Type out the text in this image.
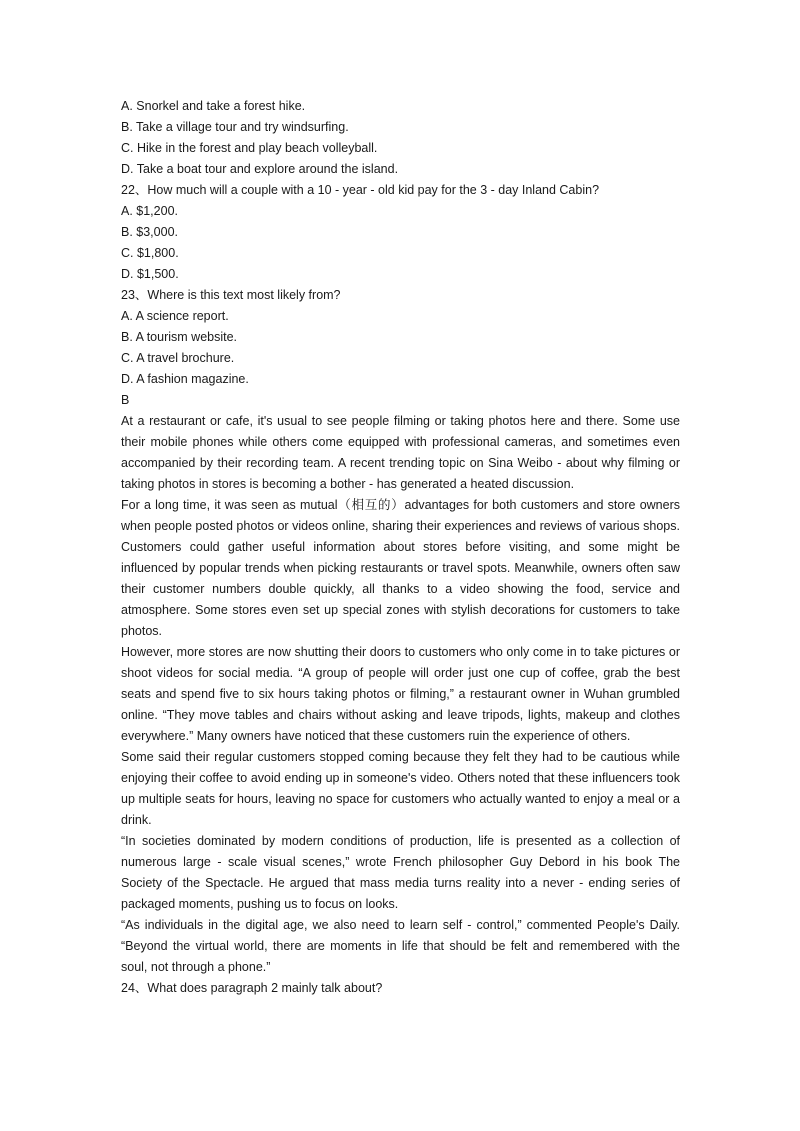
A. Snorkel and take a forest hike.

B. Take a village tour and try windsurfing.

C. Hike in the forest and play beach volleyball.

D. Take a boat tour and explore around the island.

22、How much will a couple with a 10 - year - old kid pay for the 3 - day Inland Cabin?

A. $1,200.

B. $3,000.

C. $1,800.

D. $1,500.

23、Where is this text most likely from?

A. A science report.

B. A tourism website.

C. A travel brochure.

D. A fashion magazine.

B

At a restaurant or cafe, it's usual to see people filming or taking photos here and there. Some use their mobile phones while others come equipped with professional cameras, and sometimes even accompanied by their recording team. A recent trending topic on Sina Weibo - about why filming or taking photos in stores is becoming a bother - has generated a heated discussion.

For a long time, it was seen as mutual（相互的）advantages for both customers and store owners when people posted photos or videos online, sharing their experiences and reviews of various shops. Customers could gather useful information about stores before visiting, and some might be influenced by popular trends when picking restaurants or travel spots. Meanwhile, owners often saw their customer numbers double quickly, all thanks to a video showing the food, service and atmosphere. Some stores even set up special zones with stylish decorations for customers to take photos.

However, more stores are now shutting their doors to customers who only come in to take pictures or shoot videos for social media. “A group of people will order just one cup of coffee, grab the best seats and spend five to six hours taking photos or filming,” a restaurant owner in Wuhan grumbled online. “They move tables and chairs without asking and leave tripods, lights, makeup and clothes everywhere.” Many owners have noticed that these customers ruin the experience of others.

Some said their regular customers stopped coming because they felt they had to be cautious while enjoying their coffee to avoid ending up in someone's video. Others noted that these influencers took up multiple seats for hours, leaving no space for customers who actually wanted to enjoy a meal or a drink.

“In societies dominated by modern conditions of production, life is presented as a collection of numerous large - scale visual scenes,” wrote French philosopher Guy Debord in his book The Society of the Spectacle. He argued that mass media turns reality into a never - ending series of packaged moments, pushing us to focus on looks.

“As individuals in the digital age, we also need to learn self - control,” commented People's Daily. “Beyond the virtual world, there are moments in life that should be felt and remembered with the soul, not through a phone.”

24、What does paragraph 2 mainly talk about?
